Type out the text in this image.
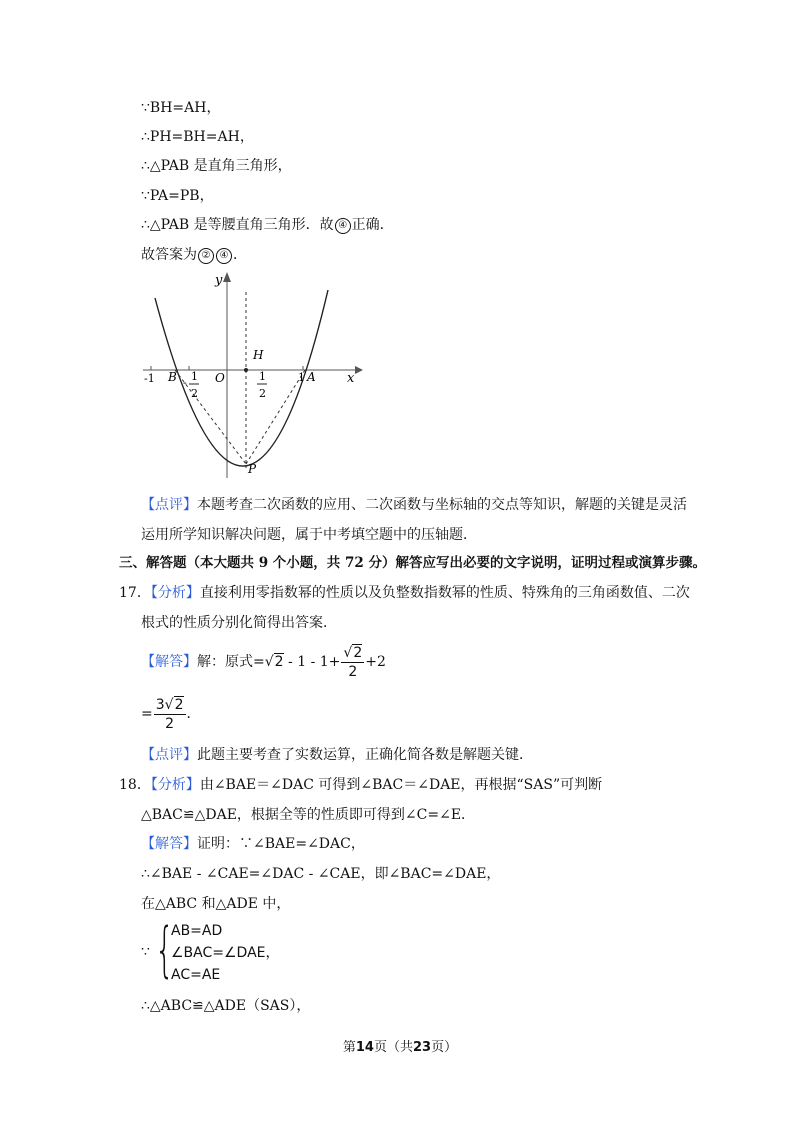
∵BH=AH，
∴PH=BH=AH，
∴△PAB 是直角三角形，
∵PA=PB，
∴△PAB 是等腰直角三角形．故 ④ 正确．
故答案为 ② ④ ．
y
x
O
-1 B	A
1
H
P
1
2
- 1
2
【点评】本题考查二次函数的应用、二次函数与坐标轴的交点等知识，解题的关键是灵活
运用所学知识解决问题，属于中考填空题中的压轴题．
三、解答题（本大题共 9 个小题，共 72 分）解答应写出必要的文字说明，证明过程或演算步骤。
17．【分析】直接利用零指数幂的性质以及负整数指数幂的性质、特殊角的三角函数值、二次
根式的性质分别化简得出答案．
【解答】解：原式$=√2 - 1 - 1+ \frac{√2}{2} +2$
= $\frac{3√2}{2}$ ．
【点评】此题主要考查了实数运算，正确化简各数是解题关键．
18．【分析】由∠BAE＝∠DAC 可得到∠BAC＝∠DAE，再根据“SAS”可判断
△BAC≌△DAE，根据全等的性质即可得到∠C=∠E．
【解答】证明：∵∠BAE=∠DAC，
∴∠BAE - ∠CAE=∠DAC - ∠CAE，即∠BAC=∠DAE，
在△ABC 和△ADE 中，
∵ {
AB=AD
∠BAC=∠DAE，
AC=AE
∴△ABC≌△ADE（SAS），
第14页（共23页）
